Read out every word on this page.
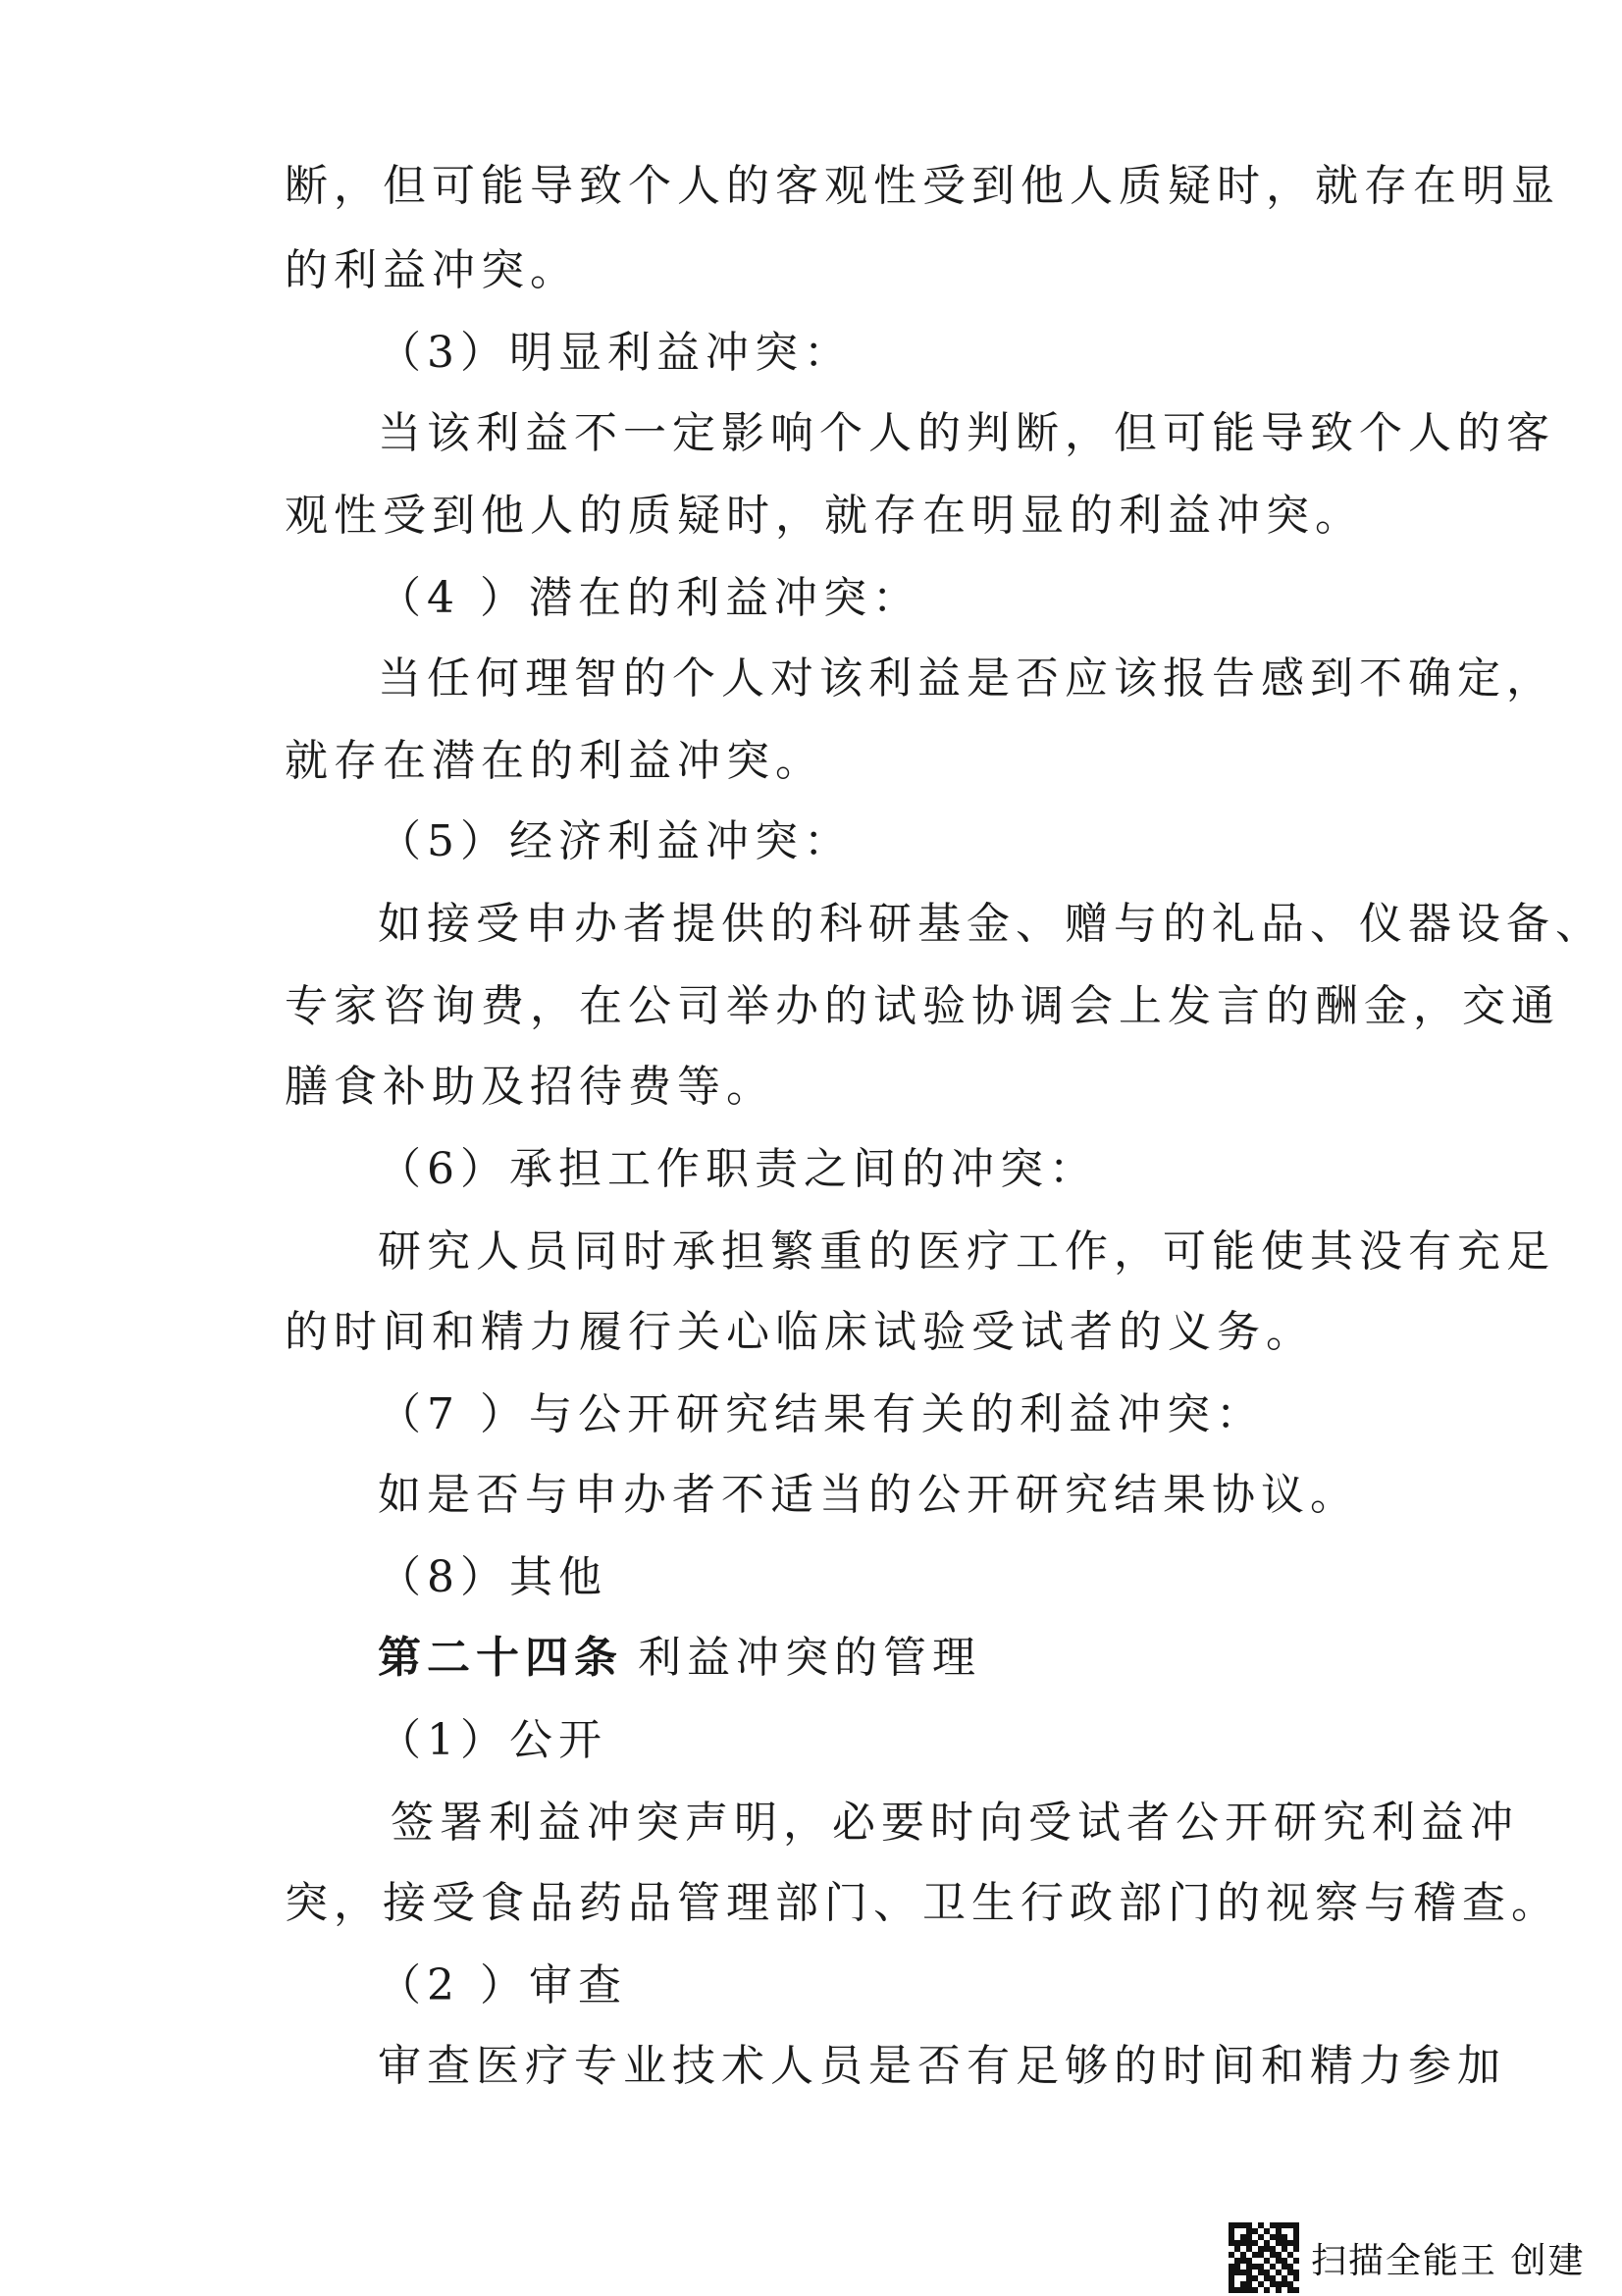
断，但可能导致个人的客观性受到他人质疑时，就存在明显
的利益冲突。
（3）明显利益冲突：
当该利益不一定影响个人的判断，但可能导致个人的客
观性受到他人的质疑时，就存在明显的利益冲突。
（4 ）潜在的利益冲突：
当任何理智的个人对该利益是否应该报告感到不确定，
就存在潜在的利益冲突。
（5）经济利益冲突：
如接受申办者提供的科研基金、赠与的礼品、仪器设备、
专家咨询费，在公司举办的试验协调会上发言的酬金，交通
膳食补助及招待费等。
（6）承担工作职责之间的冲突：
研究人员同时承担繁重的医疗工作，可能使其没有充足
的时间和精力履行关心临床试验受试者的义务。
（7 ）与公开研究结果有关的利益冲突：
如是否与申办者不适当的公开研究结果协议。
（8）其他
第二十四条 利益冲突的管理
（1）公开
签署利益冲突声明，必要时向受试者公开研究利益冲
突，接受食品药品管理部门、卫生行政部门的视察与稽查。
（2 ）审查
审查医疗专业技术人员是否有足够的时间和精力参加
扫描全能王 创建
